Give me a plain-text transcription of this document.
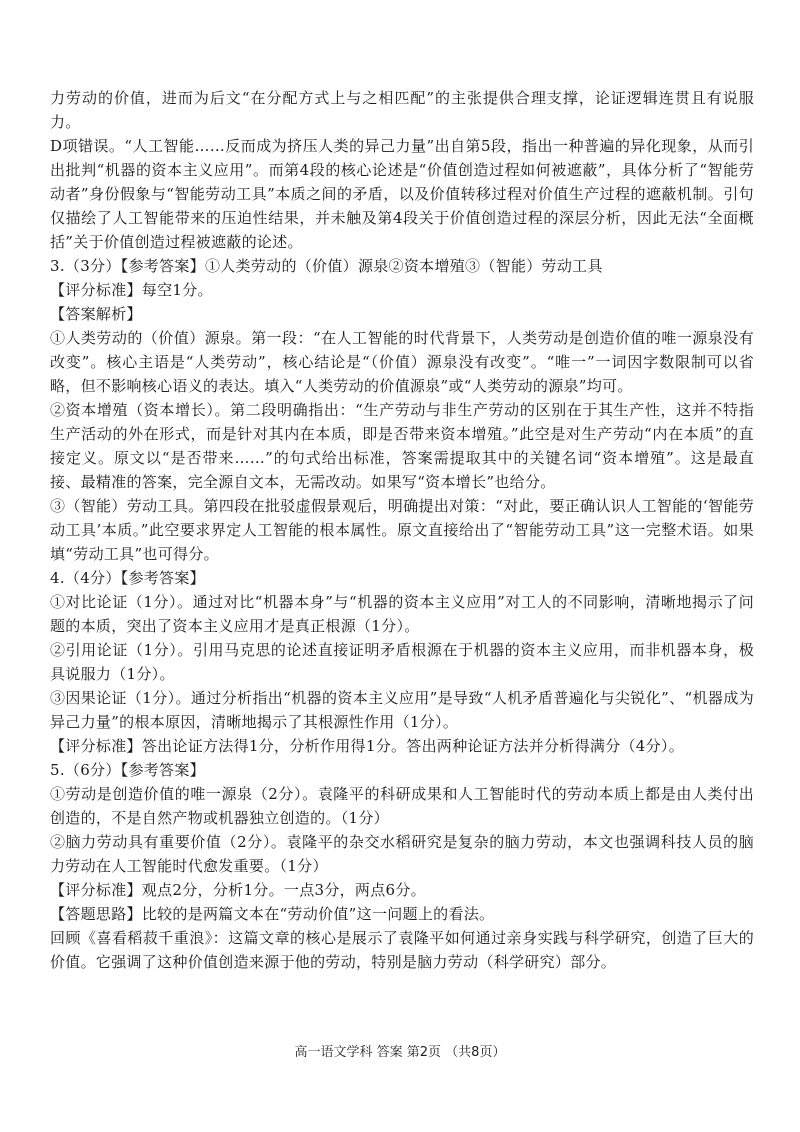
力劳动的价值，进而为后文“在分配方式上与之相匹配”的主张提供合理支撑，论证逻辑连贯且有说服力。

D项错误。“人工智能……反而成为挤压人类的异己力量”出自第5段，指出一种普遍的异化现象，从而引出批判“机器的资本主义应用”。而第4段的核心论述是“价值创造过程如何被遮蔽”，具体分析了“智能劳动者”身份假象与“智能劳动工具”本质之间的矛盾，以及价值转移过程对价值生产过程的遮蔽机制。引句仅描绘了人工智能带来的压迫性结果，并未触及第4段关于价值创造过程的深层分析，因此无法“全面概括”关于价值创造过程被遮蔽的论述。

3.（3分）【参考答案】①人类劳动的（价值）源泉②资本增殖③（智能）劳动工具

【评分标准】每空1分。

【答案解析】

①人类劳动的（价值）源泉。第一段：“在人工智能的时代背景下，人类劳动是创造价值的唯一源泉没有改变”。核心主语是“人类劳动”，核心结论是“（价值）源泉没有改变”。“唯一”一词因字数限制可以省略，但不影响核心语义的表达。填入“人类劳动的价值源泉”或“人类劳动的源泉”均可。

②资本增殖（资本增长）。第二段明确指出：“生产劳动与非生产劳动的区别在于其生产性，这并不特指生产活动的外在形式，而是针对其内在本质，即是否带来资本增殖。”此空是对生产劳动“内在本质”的直接定义。原文以“是否带来……”的句式给出标准，答案需提取其中的关键名词“资本增殖”。这是最直接、最精准的答案，完全源自文本，无需改动。如果写“资本增长”也给分。

③（智能）劳动工具。第四段在批驳虚假景观后，明确提出对策：“对此，要正确认识人工智能的‘智能劳动工具’本质。”此空要求界定人工智能的根本属性。原文直接给出了“智能劳动工具”这一完整术语。如果填“劳动工具”也可得分。

4.（4分）【参考答案】

①对比论证（1分）。通过对比“机器本身”与“机器的资本主义应用”对工人的不同影响，清晰地揭示了问题的本质，突出了资本主义应用才是真正根源（1分）。

②引用论证（1分）。引用马克思的论述直接证明矛盾根源在于机器的资本主义应用，而非机器本身，极具说服力（1分）。

③因果论证（1分）。通过分析指出“机器的资本主义应用”是导致“人机矛盾普遍化与尖锐化”、“机器成为异己力量”的根本原因，清晰地揭示了其根源性作用（1分）。

【评分标准】答出论证方法得1分，分析作用得1分。答出两种论证方法并分析得满分（4分）。

5.（6分）【参考答案】

①劳动是创造价值的唯一源泉（2分）。袁隆平的科研成果和人工智能时代的劳动本质上都是由人类付出创造的，不是自然产物或机器独立创造的。（1分）

②脑力劳动具有重要价值（2分）。袁隆平的杂交水稻研究是复杂的脑力劳动，本文也强调科技人员的脑力劳动在人工智能时代愈发重要。（1分）

【评分标准】观点2分，分析1分。一点3分，两点6分。

【答题思路】比较的是两篇文本在“劳动价值”这一问题上的看法。

回顾《喜看稻菽千重浪》：这篇文章的核心是展示了袁隆平如何通过亲身实践与科学研究，创造了巨大的价值。它强调了这种价值创造来源于他的劳动，特别是脑力劳动（科学研究）部分。

高一语文学科 答案 第2页 （共8页）
